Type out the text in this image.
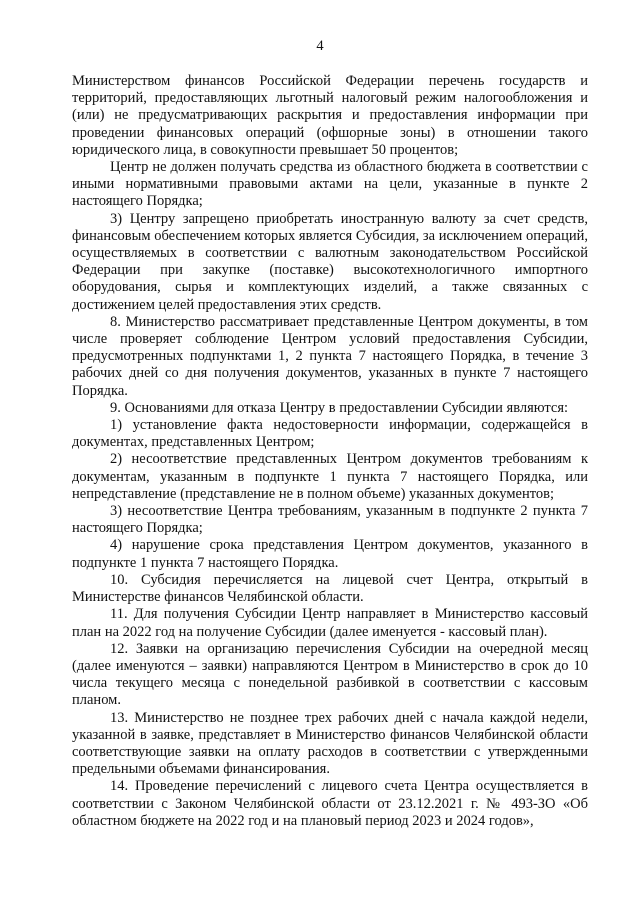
4

Министерством финансов Российской Федерации перечень государств и территорий, предоставляющих льготный налоговый режим налогообложения и (или) не предусматривающих раскрытия и предоставления информации при проведении финансовых операций (офшорные зоны) в отношении такого юридического лица, в совокупности превышает 50 процентов;

Центр не должен получать средства из областного бюджета в соответствии с иными нормативными правовыми актами на цели, указанные в пункте 2 настоящего Порядка;

3) Центру запрещено приобретать иностранную валюту за счет средств, финансовым обеспечением которых является Субсидия, за исключением операций, осуществляемых в соответствии с валютным законодательством Российской Федерации при закупке (поставке) высокотехнологичного импортного оборудования, сырья и комплектующих изделий, а также связанных с достижением целей предоставления этих средств.

8. Министерство рассматривает представленные Центром документы, в том числе проверяет соблюдение Центром условий предоставления Субсидии, предусмотренных подпунктами 1, 2 пункта 7 настоящего Порядка, в течение 3 рабочих дней со дня получения документов, указанных в пункте 7 настоящего Порядка.

9. Основаниями для отказа Центру в предоставлении Субсидии являются:

1) установление факта недостоверности информации, содержащейся в документах, представленных Центром;

2) несоответствие представленных Центром документов требованиям к документам, указанным в подпункте 1 пункта 7 настоящего Порядка, или непредставление (представление не в полном объеме) указанных документов;

3) несоответствие Центра требованиям, указанным в подпункте 2 пункта 7 настоящего Порядка;

4) нарушение срока представления Центром документов, указанного в подпункте 1 пункта 7 настоящего Порядка.

10. Субсидия перечисляется на лицевой счет Центра, открытый в Министерстве финансов Челябинской области.

11. Для получения Субсидии Центр направляет в Министерство кассовый план на 2022 год на получение Субсидии (далее именуется - кассовый план).

12. Заявки на организацию перечисления Субсидии на очередной месяц (далее именуются – заявки) направляются Центром в Министерство в срок до 10 числа текущего месяца с понедельной разбивкой в соответствии с кассовым планом.

13. Министерство не позднее трех рабочих дней с начала каждой недели, указанной в заявке, представляет в Министерство финансов Челябинской области соответствующие заявки на оплату расходов в соответствии с утвержденными предельными объемами финансирования.

14. Проведение перечислений с лицевого счета Центра осуществляется в соответствии с Законом Челябинской области от 23.12.2021 г. № 493-ЗО «Об областном бюджете на 2022 год и на плановый период 2023 и 2024 годов»,
